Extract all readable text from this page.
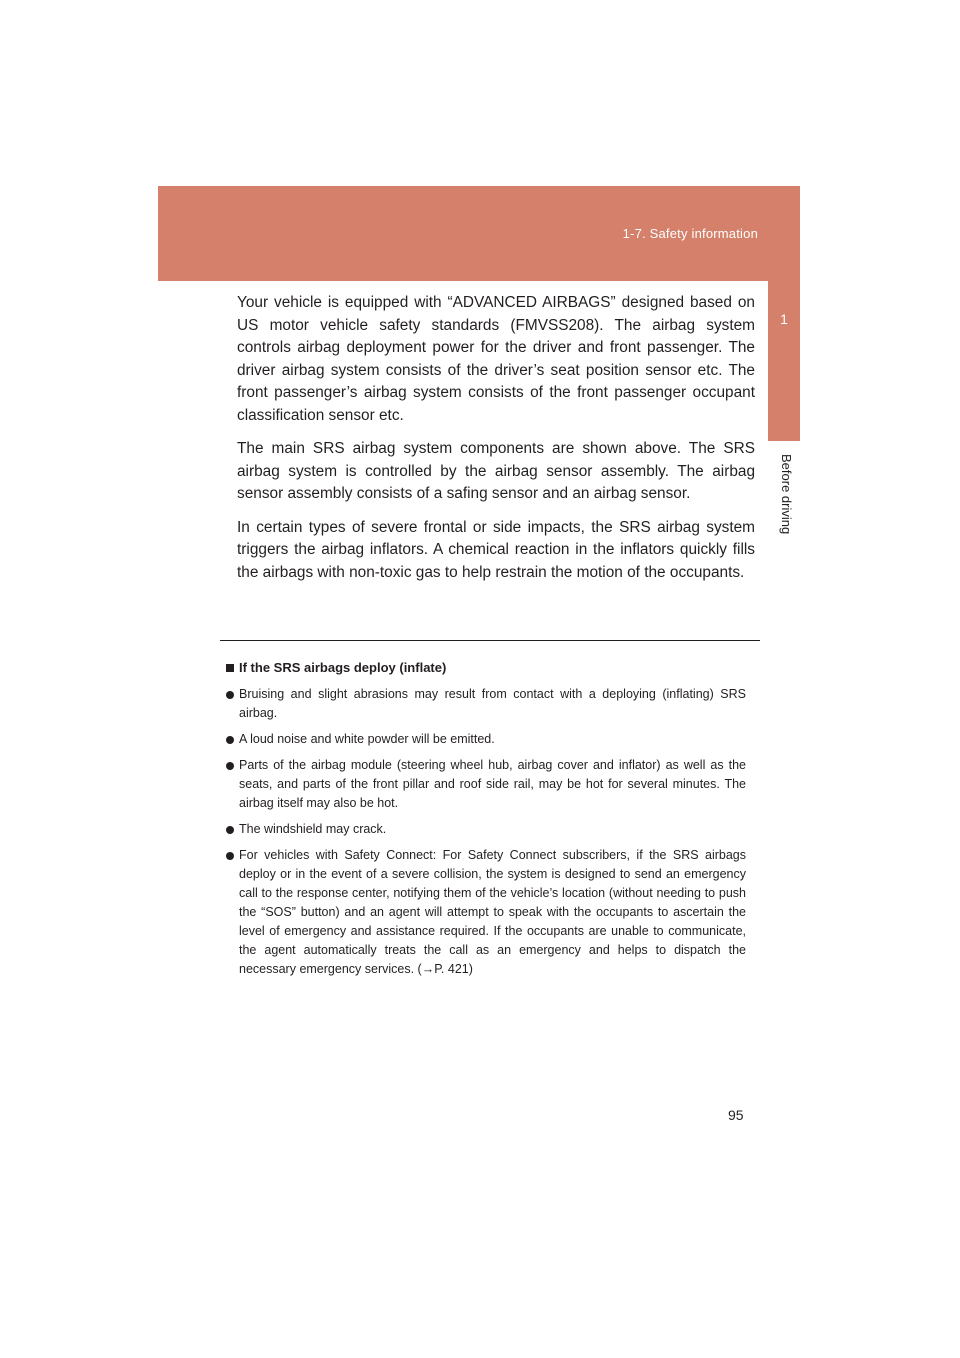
1-7. Safety information
1
Before driving

Your vehicle is equipped with “ADVANCED AIRBAGS” designed based on US motor vehicle safety standards (FMVSS208). The airbag system controls airbag deployment power for the driver and front passenger. The driver airbag system consists of the driver’s seat position sensor etc. The front passenger’s airbag system consists of the front passenger occupant classification sensor etc.

The main SRS airbag system components are shown above. The SRS airbag system is controlled by the airbag sensor assembly. The airbag sensor assembly consists of a safing sensor and an airbag sensor.

In certain types of severe frontal or side impacts, the SRS airbag system triggers the airbag inflators. A chemical reaction in the inflators quickly fills the airbags with non-toxic gas to help restrain the motion of the occupants.

If the SRS airbags deploy (inflate)
Bruising and slight abrasions may result from contact with a deploying (inflating) SRS airbag.
A loud noise and white powder will be emitted.
Parts of the airbag module (steering wheel hub, airbag cover and inflator) as well as the seats, and parts of the front pillar and roof side rail, may be hot for several minutes. The airbag itself may also be hot.
The windshield may crack.
For vehicles with Safety Connect: For Safety Connect subscribers, if the SRS airbags deploy or in the event of a severe collision, the system is designed to send an emergency call to the response center, notifying them of the vehicle’s location (without needing to push the “SOS” button) and an agent will attempt to speak with the occupants to ascertain the level of emergency and assistance required. If the occupants are unable to communicate, the agent automatically treats the call as an emergency and helps to dispatch the necessary emergency services. (→P. 421)
95
